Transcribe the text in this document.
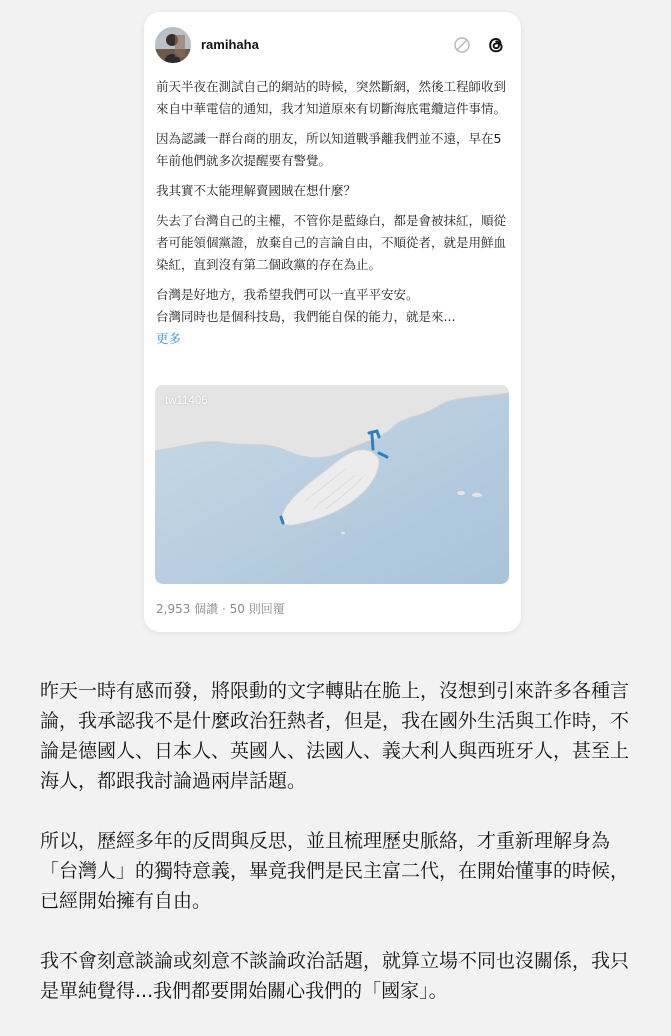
ramihaha

前天半夜在測試自己的網站的時候，突然斷網，然後工程師收到來自中華電信的通知，我才知道原來有切斷海底電纜這件事情。

因為認識一群台商的朋友，所以知道戰爭離我們並不遠，早在5年前他們就多次提醒要有警覺。

我其實不太能理解賣國賊在想什麼？

失去了台灣自己的主權，不管你是藍綠白，都是會被抹紅，順從者可能領個黨證，放棄自己的言論自由，不順從者，就是用鮮血染紅，直到沒有第二個政黨的存在為止。

台灣是好地方，我希望我們可以一直平平安安。

台灣同時也是個科技島，我們能自保的能力，就是來...

更多
tw11406
2,953 個讚 · 50 則回覆

昨天一時有感而發，將限動的文字轉貼在脆上，沒想到引來許多各種言論，我承認我不是什麼政治狂熱者，但是，我在國外生活與工作時，不論是德國人、日本人、英國人、法國人、義大利人與西班牙人，甚至上海人，都跟我討論過兩岸話題。

所以，歷經多年的反問與反思，並且梳理歷史脈絡，才重新理解身為「台灣人」的獨特意義，畢竟我們是民主富二代，在開始懂事的時候，已經開始擁有自由。

我不會刻意談論或刻意不談論政治話題，就算立場不同也沒關係，我只是單純覺得...我們都要開始關心我們的「國家」。
